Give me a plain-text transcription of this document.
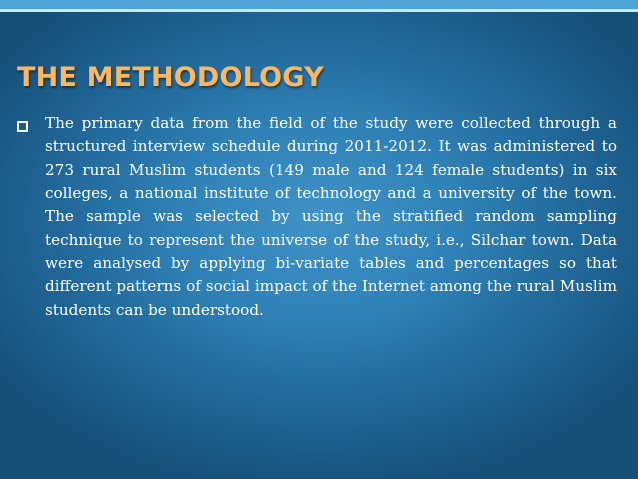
THE METHODOLOGY

The primary data from the field of the study were collected through a structured interview schedule during 2011-2012. It was administered to 273 rural Muslim students (149 male and 124 female students) in six colleges, a national institute of technology and a university of the town. The sample was selected by using the stratified random sampling technique to represent the universe of the study, i.e., Silchar town. Data were analysed by applying bi-variate tables and percentages so that different patterns of social impact of the Internet among the rural Muslim students can be understood.
